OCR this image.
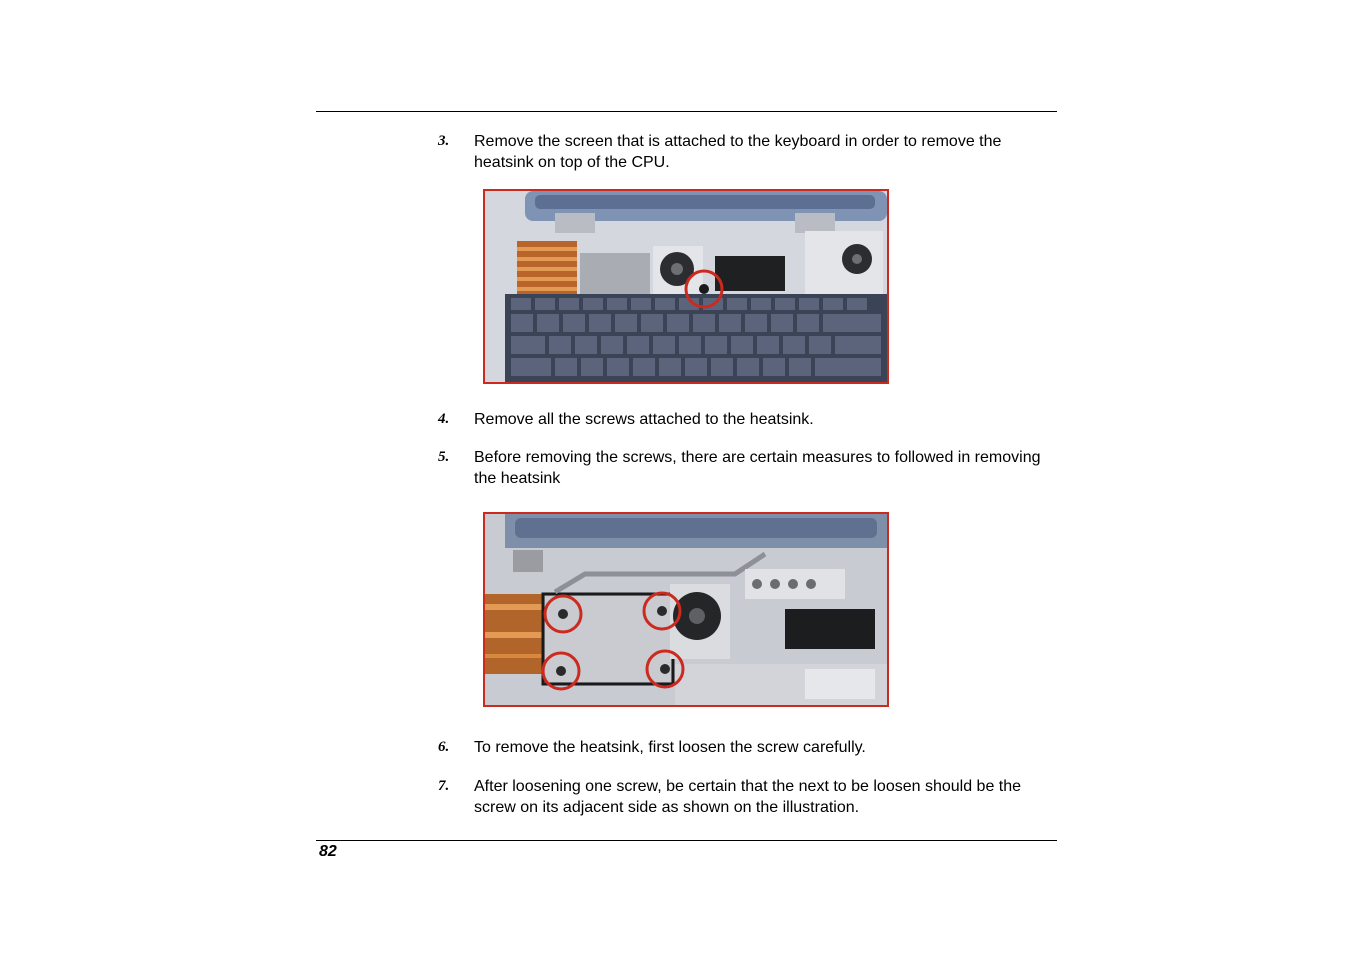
3. Remove the screen that is attached to the keyboard in order to remove the heatsink on top of the CPU.
4. Remove all the screws attached to the heatsink.
5. Before removing the screws, there are certain measures to followed in removing the heatsink
6. To remove the heatsink, first loosen the screw carefully.
7. After loosening one screw, be certain that the next to be loosen should be the screw on its adjacent side as shown on the illustration.
82
